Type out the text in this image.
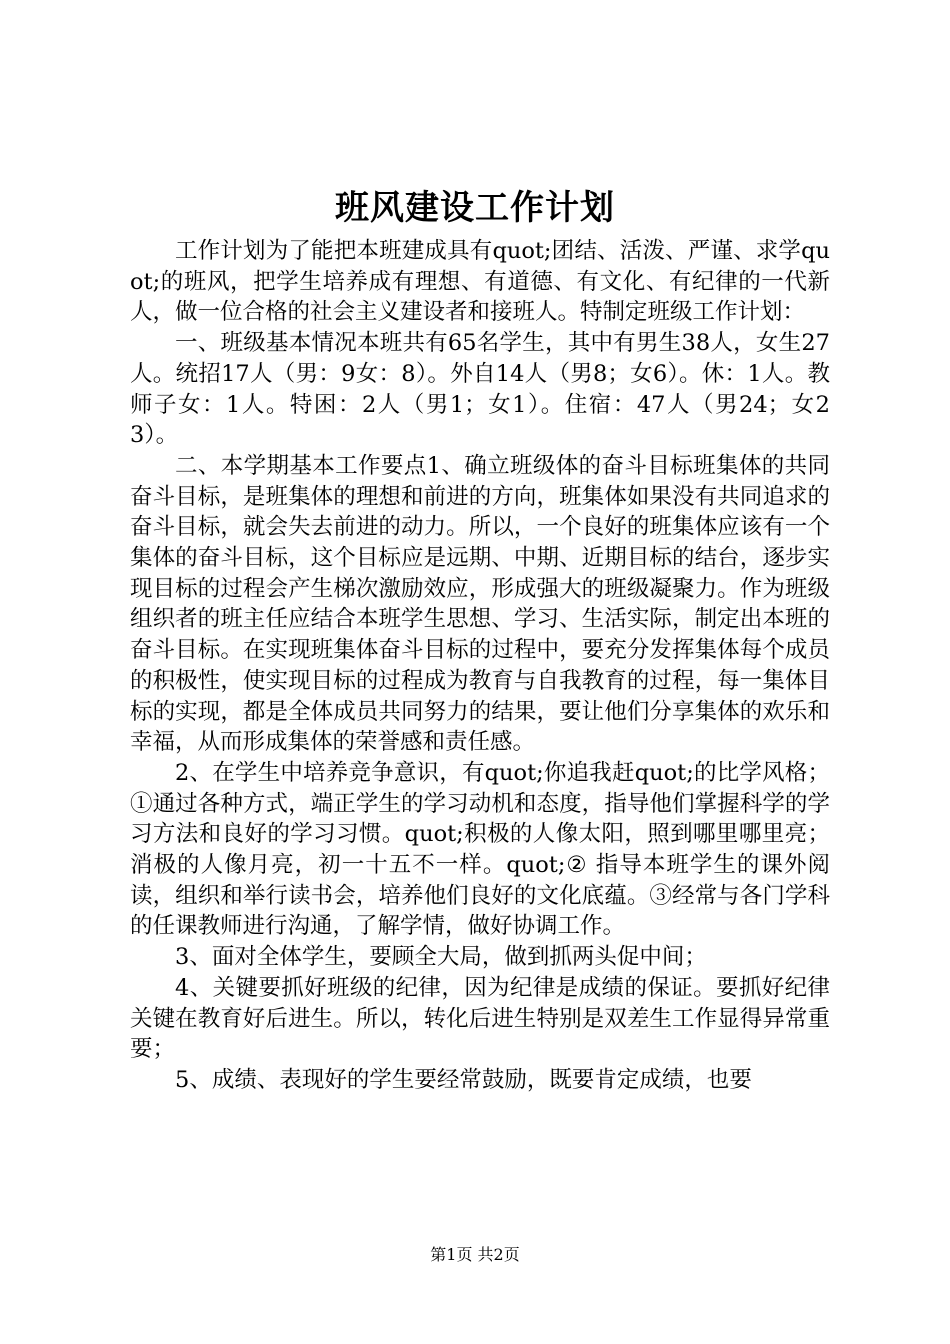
班风建设工作计划

工作计划为了能把本班建成具有quot;团结、活泼、严谨、求学quot;的班风，把学生培养成有理想、有道德、有文化、有纪律的一代新人，做一位合格的社会主义建设者和接班人。特制定班级工作计划：

一、班级基本情况本班共有65名学生，其中有男生38人，女生27人。统招17人（男：9女：8）。外自14人（男8；女6）。休：1人。教师子女：1人。特困：2人（男1；女1）。住宿：47人（男24；女23）。

二、本学期基本工作要点1、确立班级体的奋斗目标班集体的共同奋斗目标，是班集体的理想和前进的方向，班集体如果没有共同追求的奋斗目标，就会失去前进的动力。所以，一个良好的班集体应该有一个集体的奋斗目标，这个目标应是远期、中期、近期目标的结台，逐步实现目标的过程会产生梯次激励效应，形成强大的班级凝聚力。作为班级组织者的班主任应结合本班学生思想、学习、生活实际，制定出本班的奋斗目标。在实现班集体奋斗目标的过程中，要充分发挥集体每个成员的积极性，使实现目标的过程成为教育与自我教育的过程，每一集体目标的实现，都是全体成员共同努力的结果，要让他们分享集体的欢乐和幸福，从而形成集体的荣誉感和责任感。

2、在学生中培养竞争意识，有quot;你追我赶quot;的比学风格；①通过各种方式，端正学生的学习动机和态度，指导他们掌握科学的学习方法和良好的学习习惯。quot;积极的人像太阳，照到哪里哪里亮；消极的人像月亮，初一十五不一样。quot;② 指导本班学生的课外阅读，组织和举行读书会，培养他们良好的文化底蕴。③经常与各门学科的任课教师进行沟通，了解学情，做好协调工作。

3、面对全体学生，要顾全大局，做到抓两头促中间；

4、关键要抓好班级的纪律，因为纪律是成绩的保证。要抓好纪律关键在教育好后进生。所以，转化后进生特别是双差生工作显得异常重要；

5、成绩、表现好的学生要经常鼓励，既要肯定成绩，也要

第1页 共2页
